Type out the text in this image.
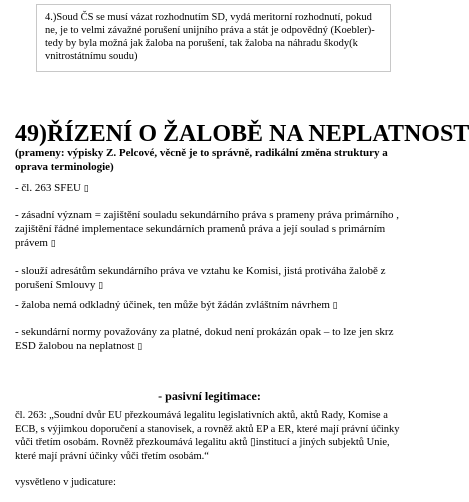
4.)Soud ČS se musí vázat rozhodnutím SD, vydá meritorní rozhodnutí, pokud ne, je to velmi závažné porušení unijního práva a stát je odpovědný (Koebler)- tedy by byla možná jak žaloba na porušení, tak žaloba na náhradu škody(k vnitrostátnímu soudu)
49)ŘÍZENÍ O ŽALOBĚ NA NEPLATNOST
(prameny: výpisky Z. Pelcové, věcně je to správně, radikální změna struktury a oprava terminologie)
- čl. 263 SFEU ▯
- zásadní význam = zajištění souladu sekundárního práva s prameny práva primárního , zajištění řádné implementace sekundárních pramenů práva a její soulad s primárním právem ▯
- slouží adresátům sekundárního práva ve vztahu ke Komisi, jistá protiváha žalobě z porušení Smlouvy ▯
- žaloba nemá odkladný účinek, ten může být žádán zvláštním návrhem ▯
- sekundární normy považovány za platné, dokud není prokázán opak – to lze jen skrz ESD žalobou na neplatnost ▯
- pasivní legitimace:
čl. 263: „Soudní dvůr EU přezkoumává legalitu legislativních aktů, aktů Rady, Komise a ECB, s výjimkou doporučení a stanovisek, a rovněž aktů EP a ER, které mají právní účinky vůči třetím osobám. Rovněž přezkoumává legalitu aktů ▯institucí a jiných subjektů Unie, které mají právní účinky vůči třetím osobám.“
vysvětleno v judicature:
